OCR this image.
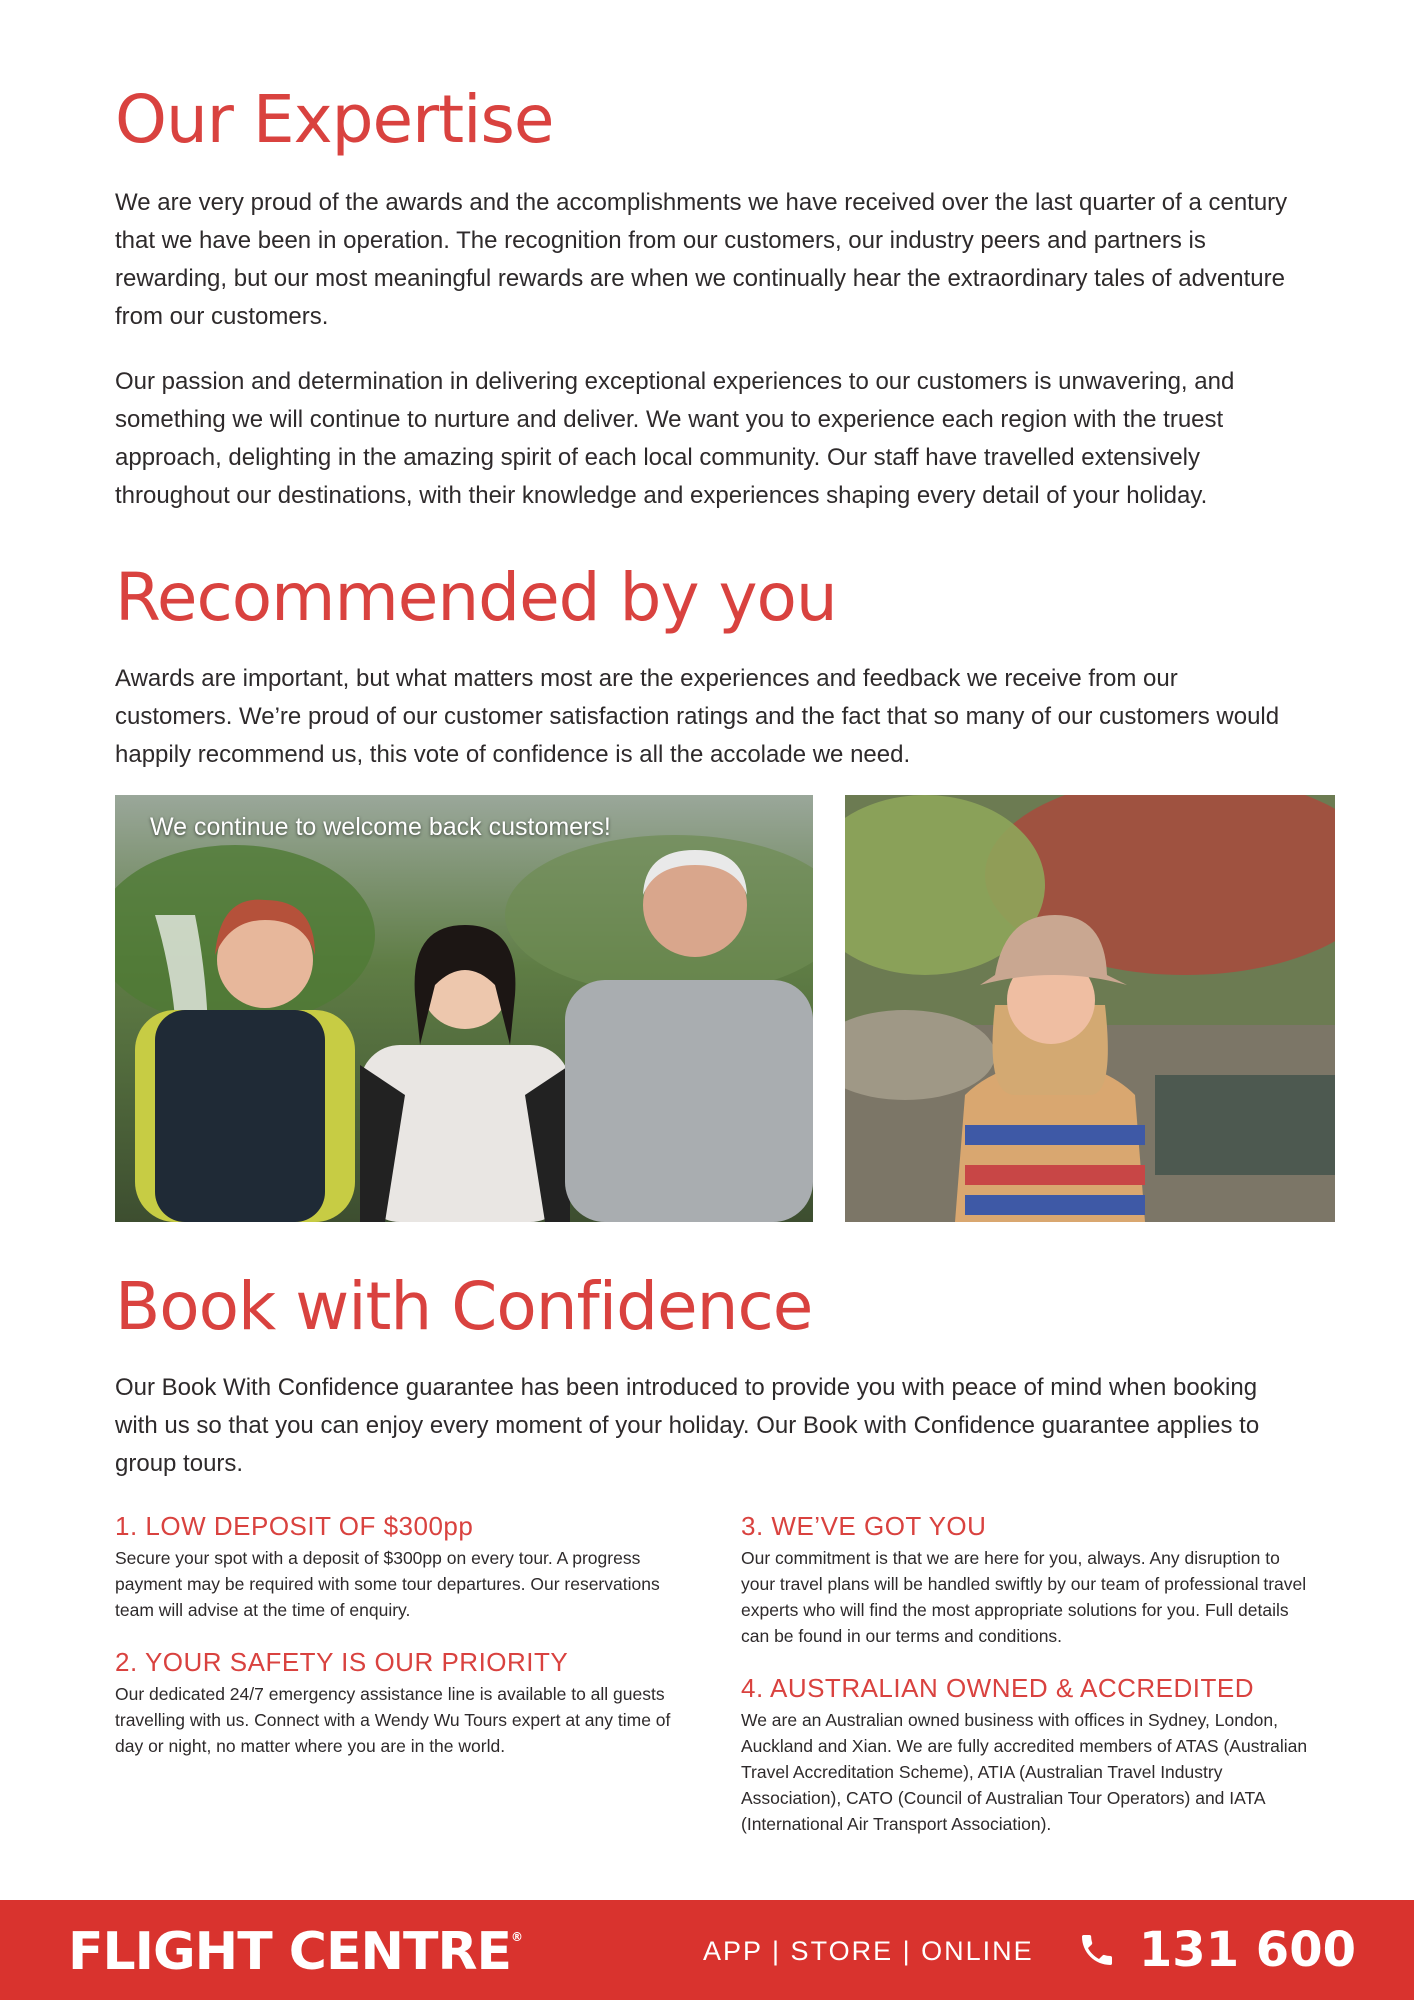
Our Expertise

We are very proud of the awards and the accomplishments we have received over the last quarter of a century that we have been in operation. The recognition from our customers, our industry peers and partners is rewarding, but our most meaningful rewards are when we continually hear the extraordinary tales of adventure from our customers.

Our passion and determination in delivering exceptional experiences to our customers is unwavering, and something we will continue to nurture and deliver. We want you to experience each region with the truest approach, delighting in the amazing spirit of each local community. Our staff have travelled extensively throughout our destinations, with their knowledge and experiences shaping every detail of your holiday.

Recommended by you

Awards are important, but what matters most are the experiences and feedback we receive from our customers. We’re proud of our customer satisfaction ratings and the fact that so many of our customers would happily recommend us, this vote of confidence is all the accolade we need.

We continue to welcome back customers!
Book with Confidence

Our Book With Confidence guarantee has been introduced to provide you with peace of mind when booking with us so that you can enjoy every moment of your holiday. Our Book with Confidence guarantee applies to group tours.

1. LOW DEPOSIT OF $300pp

Secure your spot with a deposit of $300pp on every tour. A progress payment may be required with some tour departures. Our reservations team will advise at the time of enquiry.

2. YOUR SAFETY IS OUR PRIORITY

Our dedicated 24/7 emergency assistance line is available to all guests travelling with us. Connect with a Wendy Wu Tours expert at any time of day or night, no matter where you are in the world.

3. WE’VE GOT YOU

Our commitment is that we are here for you, always. Any disruption to your travel plans will be handled swiftly by our team of professional travel experts who will find the most appropriate solutions for you. Full details can be found in our terms and conditions.

4. AUSTRALIAN OWNED & ACCREDITED

We are an Australian owned business with offices in Sydney, London, Auckland and Xian. We are fully accredited members of ATAS (Australian Travel Accreditation Scheme), ATIA (Australian Travel Industry Association), CATO (Council of Australian Tour Operators) and IATA (International Air Transport Association).

FLIGHT CENTRE®	APP | STORE | ONLINE 131 600
